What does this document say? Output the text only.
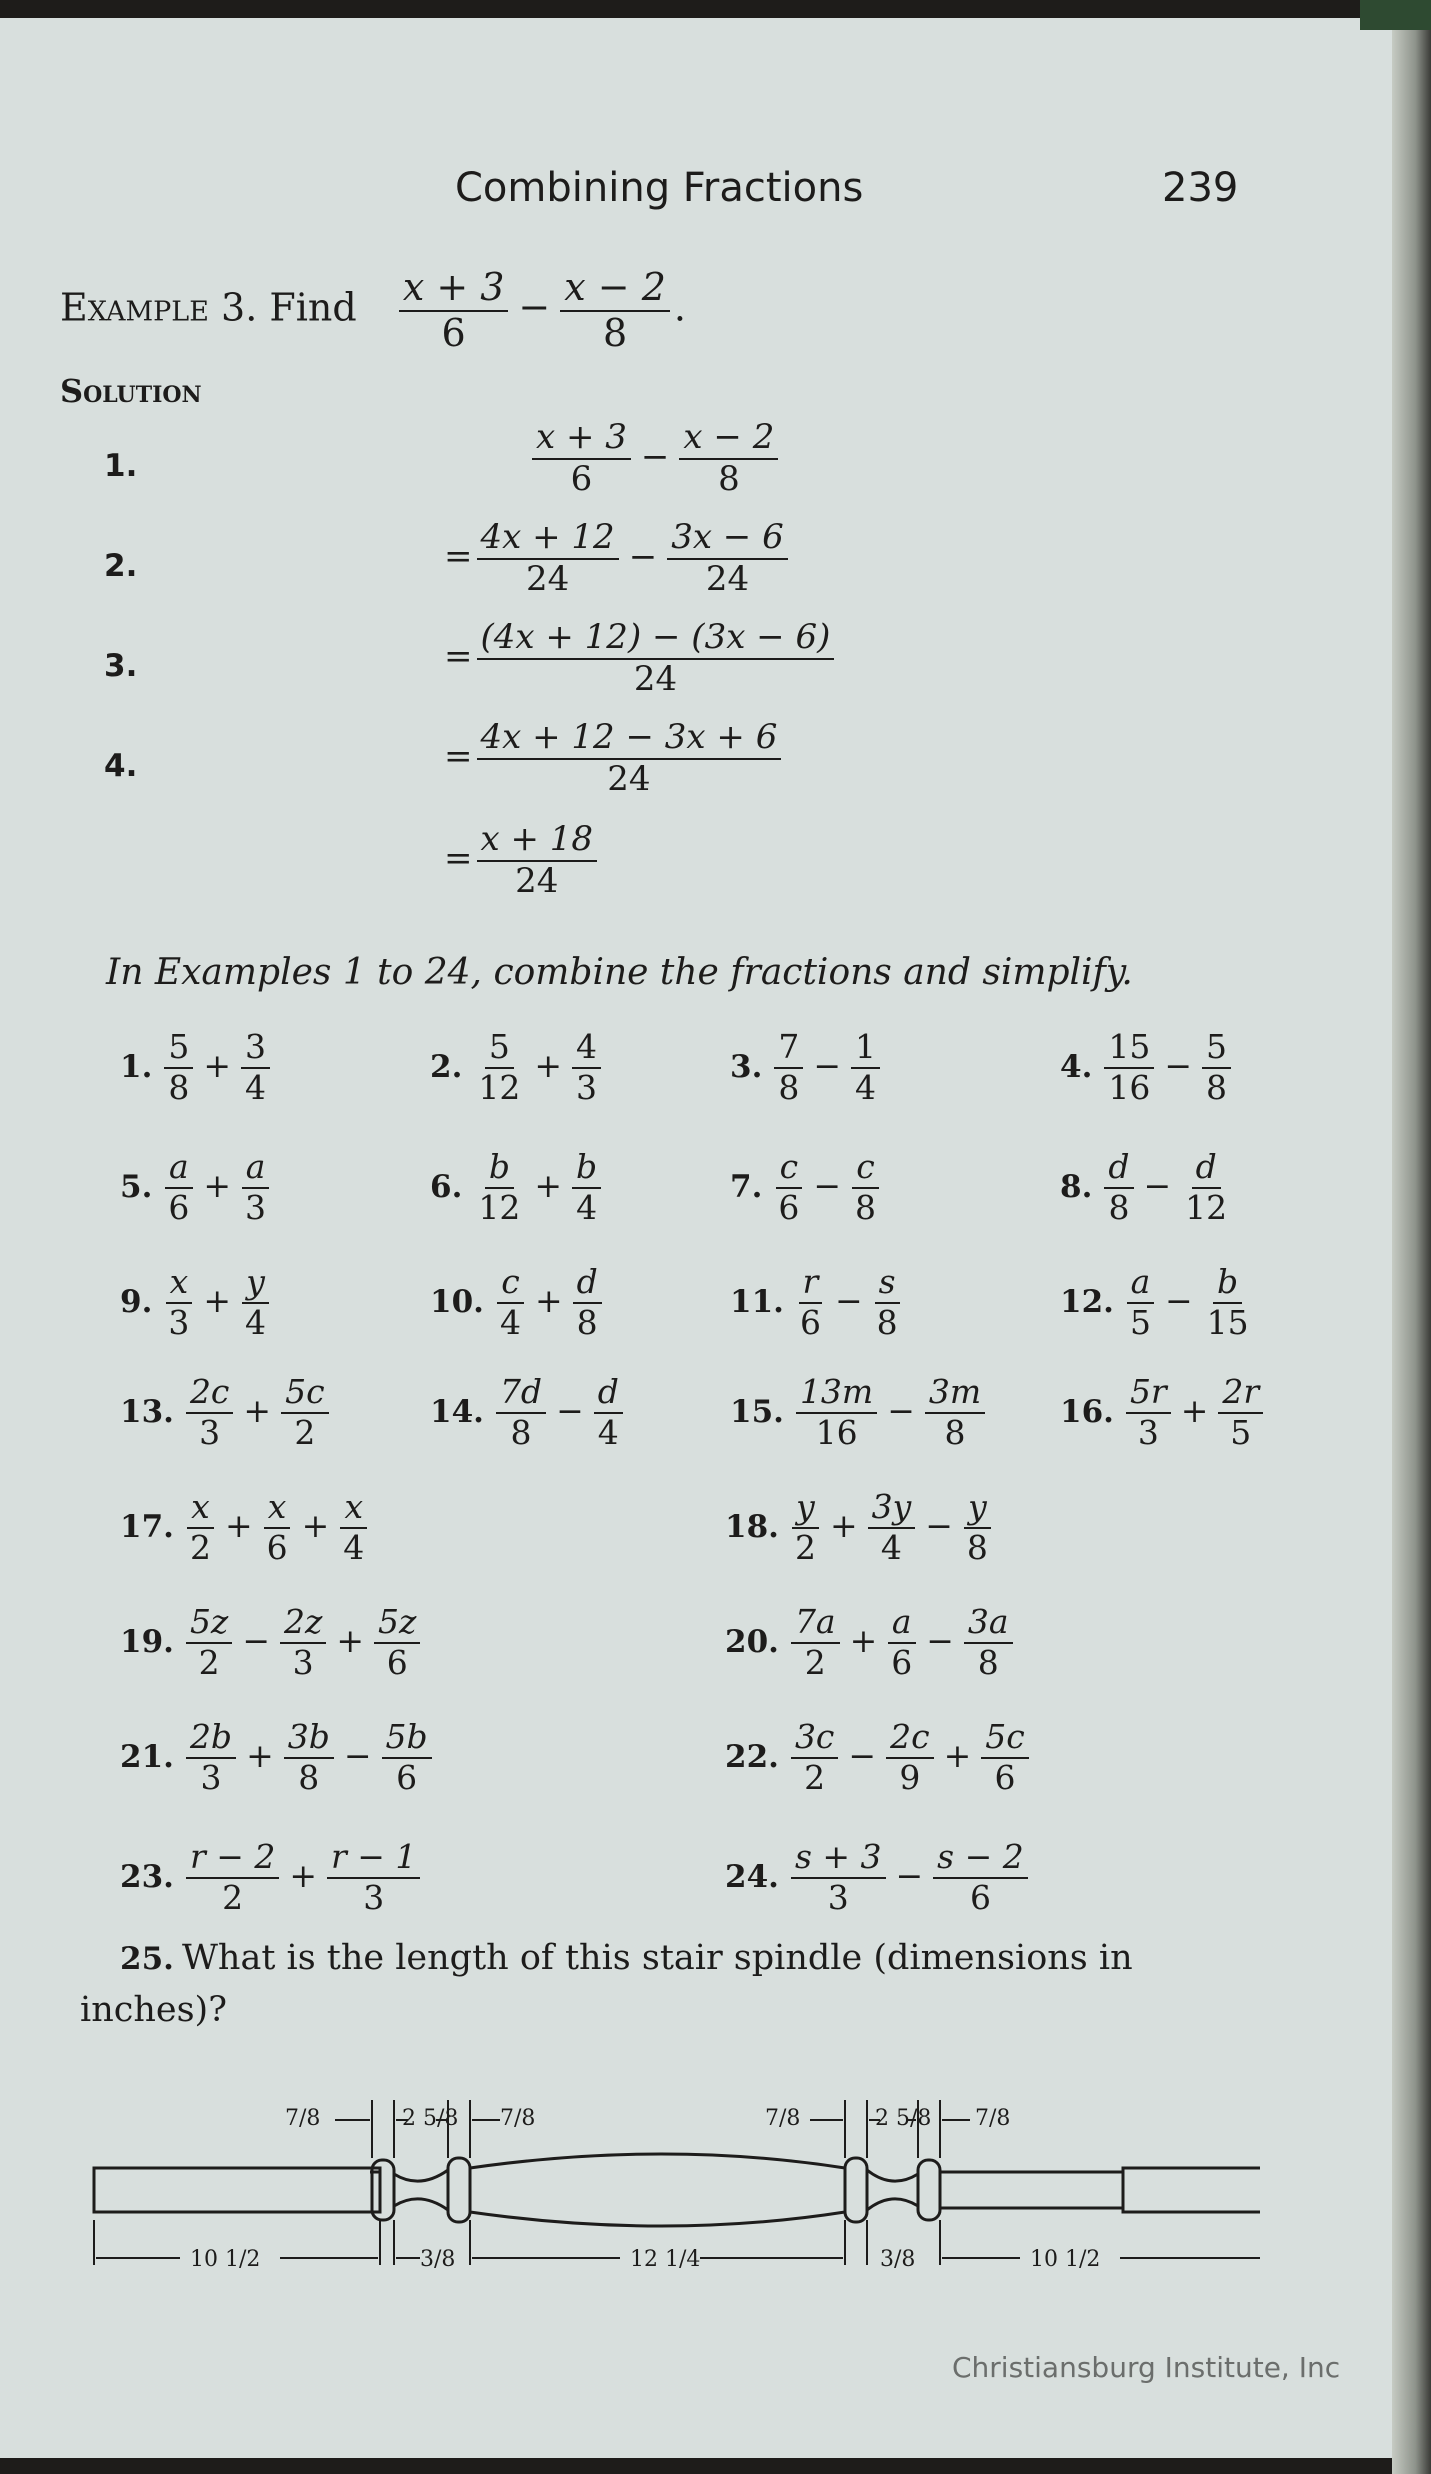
Combining Fractions	239
Example 3. Find $\frac{x + 3}{6} - \frac{x - 2}{8}$ .
Solution
1.	$\frac{x + 3}{6} - \frac{x - 2}{8}$
2.	= $\frac{4x + 12}{24} - \frac{3x - 6}{24}$
3.	= $\frac{(4x + 12) - (3x - 6)}{24}$
4.	= $\frac{4x + 12 - 3x + 6}{24}$
= $\frac{x + 18}{24}$
In Examples 1 to 24, combine the fractions and simplify.
1. $\frac{5}{8} + \frac{3}{4}$	2. $\frac{5}{12} + \frac{4}{3}$	3. $\frac{7}{8} - \frac{1}{4}$	4. $\frac{15}{16} - \frac{5}{8}$
5. $\frac{a}{6} + \frac{a}{3}$	6. $\frac{b}{12} + \frac{b}{4}$	7. $\frac{c}{6} - \frac{c}{8}$	8. $\frac{d}{8} - \frac{d}{12}$
9. $\frac{x}{3} + \frac{y}{4}$	10. $\frac{c}{4} + \frac{d}{8}$	11. $\frac{r}{6} - \frac{s}{8}$	12. $\frac{a}{5} - \frac{b}{15}$
13. $\frac{2c}{3} + \frac{5c}{2}$	14. $\frac{7d}{8} - \frac{d}{4}$	15. $\frac{13m}{16} - \frac{3m}{8} 16$. $\frac{5r}{3} + \frac{2r}{5}$
17. $\frac{x}{2} + \frac{x}{6} + \frac{x}{4}$	18. $\frac{y}{2} + \frac{3y}{4} - \frac{y}{8}$
19. $\frac{5z}{2} - \frac{2z}{3} + \frac{5z}{6}$	20. $\frac{7a}{2} + \frac{a}{6} - \frac{3a}{8}$
21. $\frac{2b}{3} + \frac{3b}{8} - \frac{5b}{6}$	22. $\frac{3c}{2} - \frac{2c}{9} + \frac{5c}{6}$
23. $\frac{r - 2}{2} + \frac{r - 1}{3}$	24. $\frac{s + 3}{3} - \frac{s - 2}{6}$
25. What is the length of this stair spindle (dimensions in
inches)?
7/8	2 5/8 7/8	7/8	2 5/8 7/8
10 1/2	3/8	12 1/4	3/8	10 1/2
Christiansburg Institute, Inc
